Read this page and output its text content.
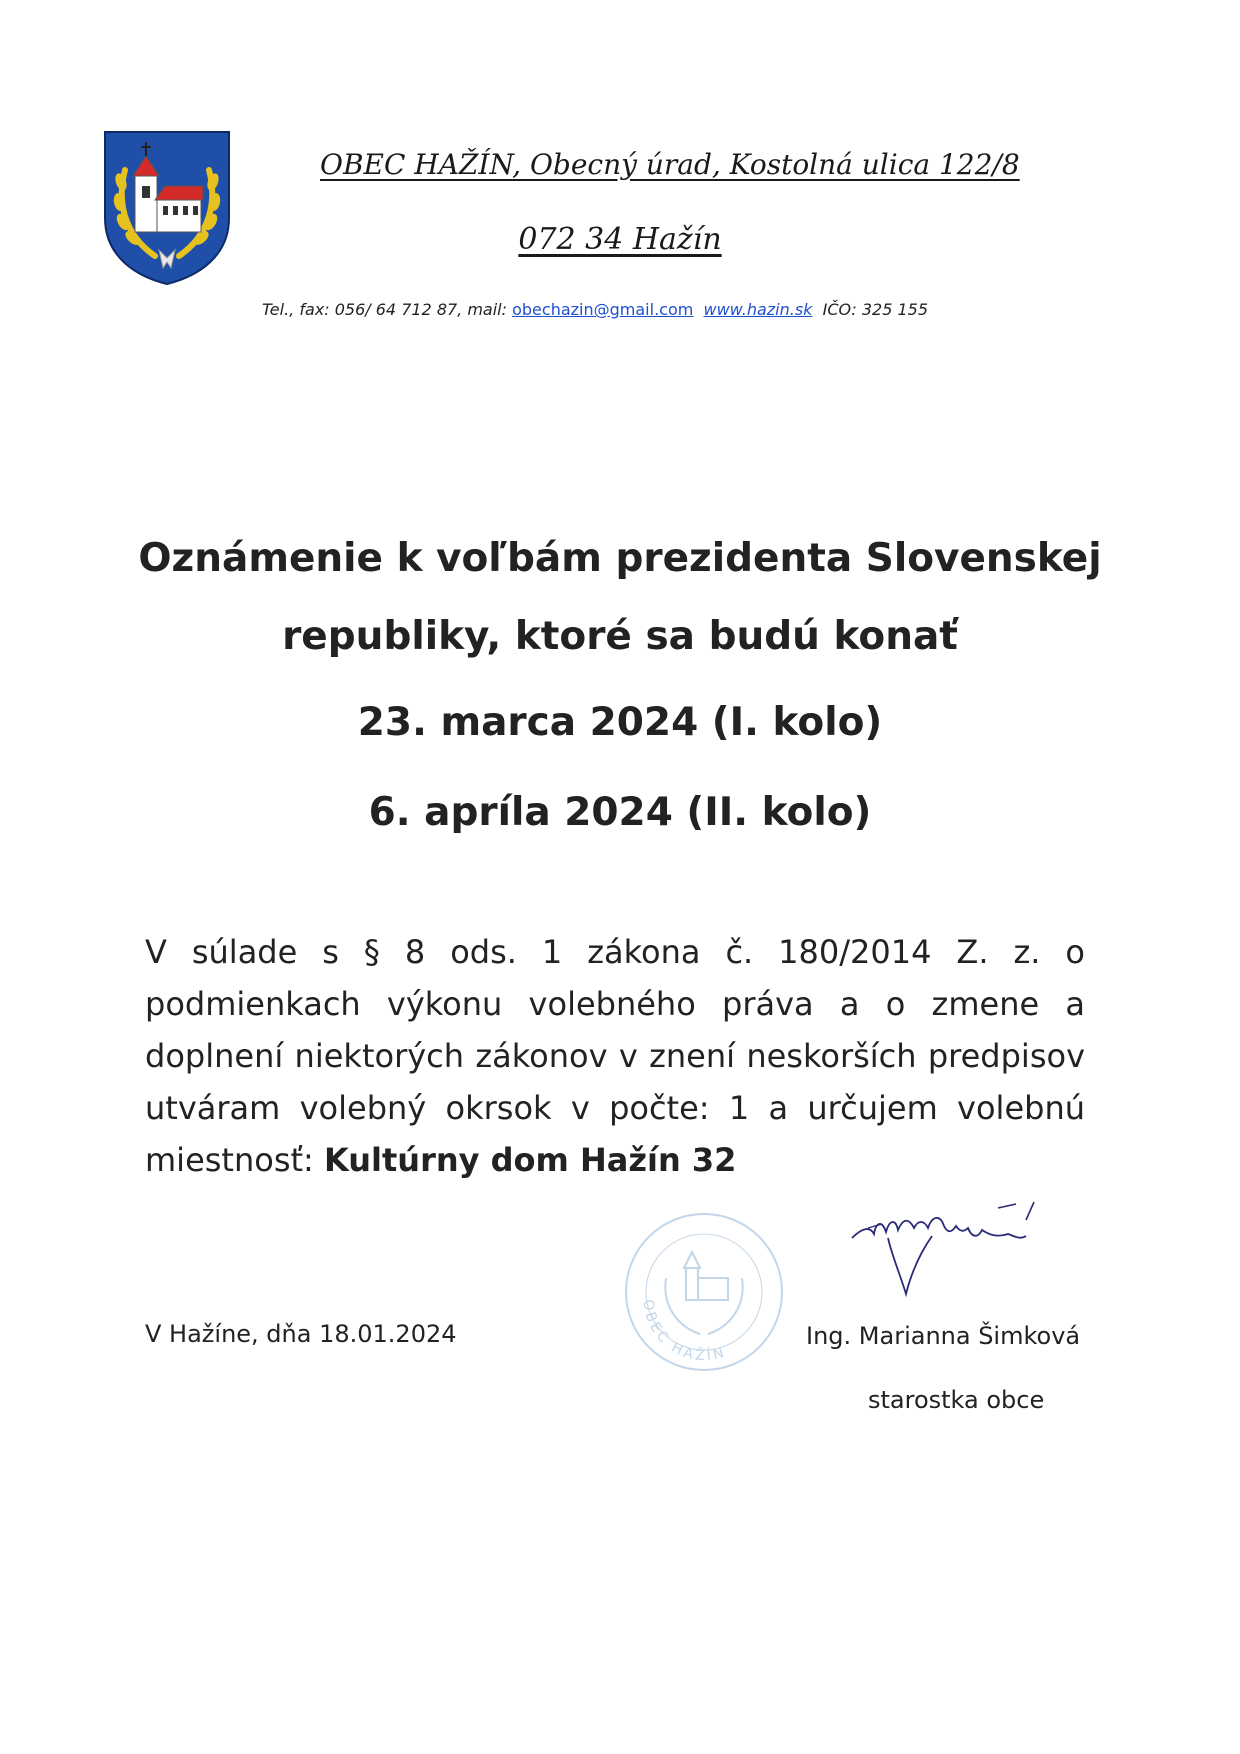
OBEC HAŽÍN, Obecný úrad, Kostolná ulica 122/8
072 34 Hažín
Tel., fax: 056/ 64 712 87, mail: obechazin@gmail.com www.hazin.sk IČO: 325 155
Oznámenie k voľbám prezidenta Slovenskej
republiky, ktoré sa budú konať
23. marca 2024 (I. kolo)
6. apríla 2024 (II. kolo)
V súlade s § 8 ods. 1 zákona č. 180/2014 Z. z. o podmienkach výkonu volebného práva a o zmene a doplnení niektorých zákonov v znení neskorších predpisov utváram volebný okrsok v počte: 1 a určujem volebnú miestnosť: Kultúrny dom Hažín 32
OBEC HAŽÍN
V Hažíne, dňa 18.01.2024	Ing. Marianna Šimková
starostka obce
